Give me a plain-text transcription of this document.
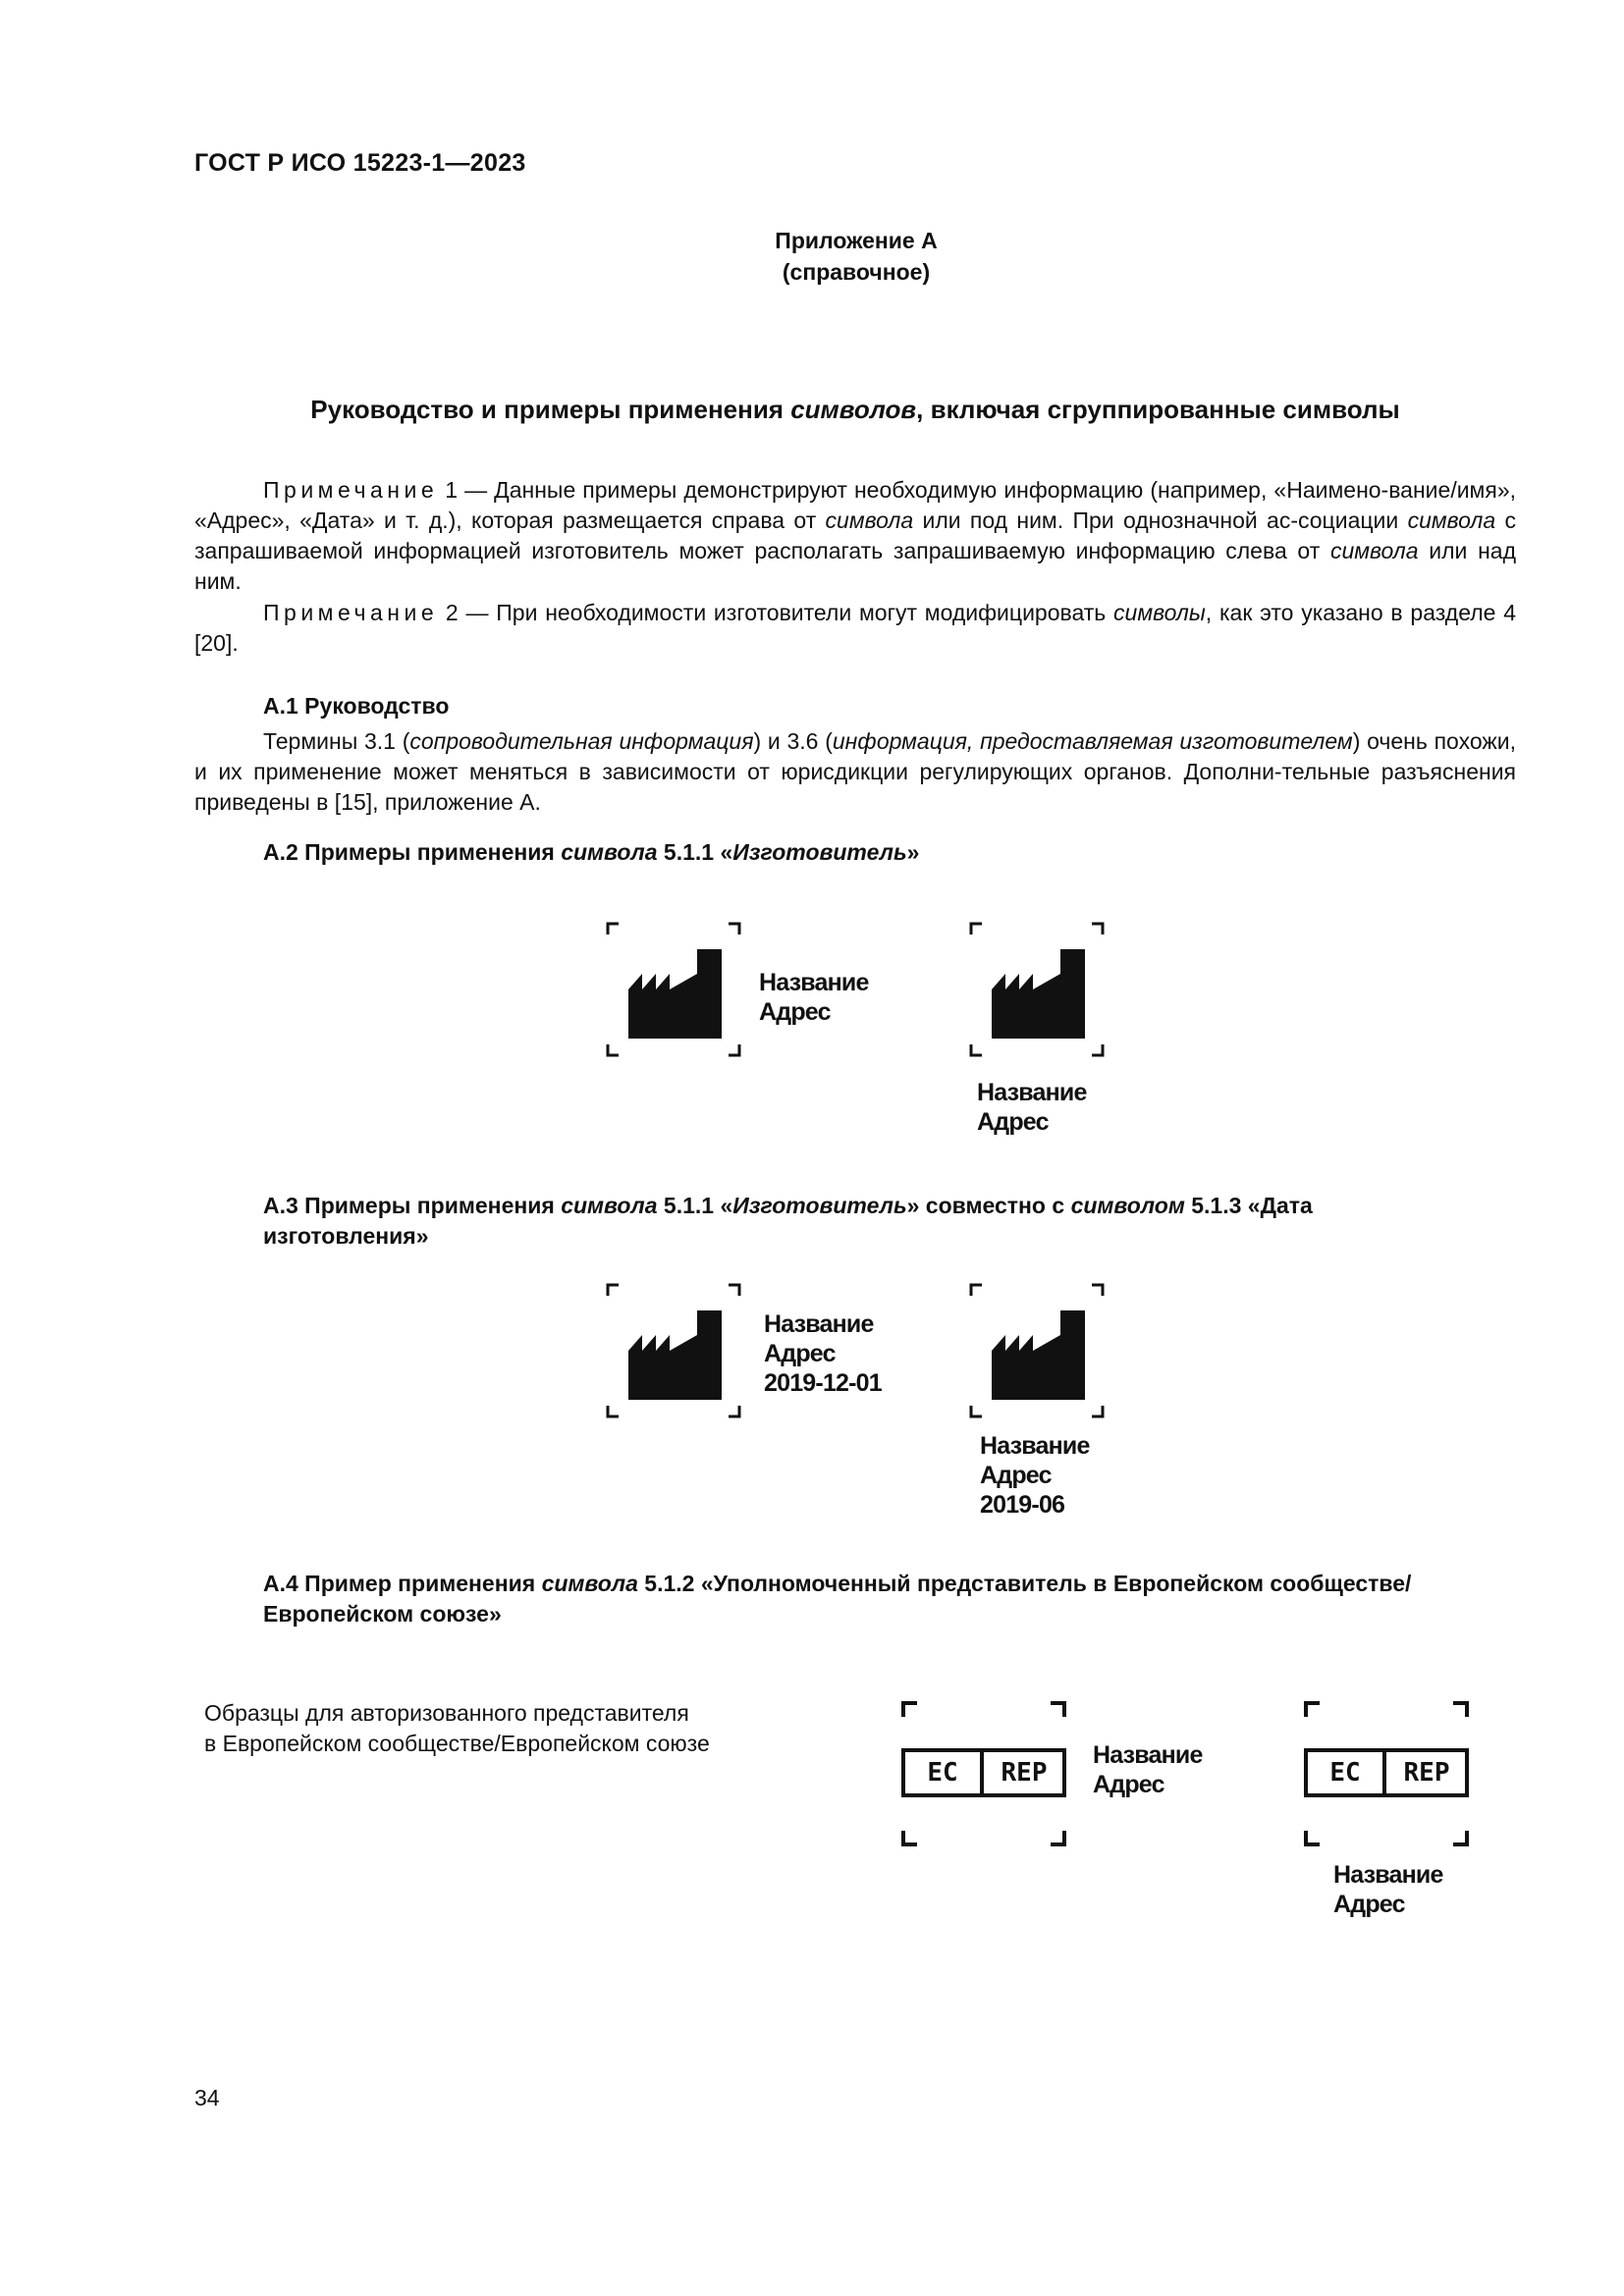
ГОСТ Р ИСО 15223-1—2023
Приложение А
(справочное)
Руководство и примеры применения символов, включая сгруппированные символы
Примечание 1 — Данные примеры демонстрируют необходимую информацию (например, «Наимено-вание/имя», «Адрес», «Дата» и т. д.), которая размещается справа от символа или под ним. При однозначной ас-социации символа с запрашиваемой информацией изготовитель может располагать запрашиваемую информацию слева от символа или над ним.
Примечание 2 — При необходимости изготовители могут модифицировать символы, как это указано в разделе 4 [20].
А.1 Руководство
Термины 3.1 (сопроводительная информация) и 3.6 (информация, предоставляемая изготовителем) очень похожи, и их применение может меняться в зависимости от юрисдикции регулирующих органов. Дополни-тельные разъяснения приведены в [15], приложение А.
А.2 Примеры применения символа 5.1.1 «Изготовитель»
Название
Адрес
Название
Адрес
А.3 Примеры применения символа 5.1.1 «Изготовитель» совместно с символом 5.1.3 «Дата изготовления»
Название
Адрес
2019-12-01
Название
Адрес
2019-06
А.4 Пример применения символа 5.1.2 «Уполномоченный представитель в Европейском сообществе/Европейском союзе»
Образцы для авторизованного представителя
в Европейском сообществе/Европейском союзе
EC	REP
Название
Адрес	EC	REP
Название
Адрес
34
